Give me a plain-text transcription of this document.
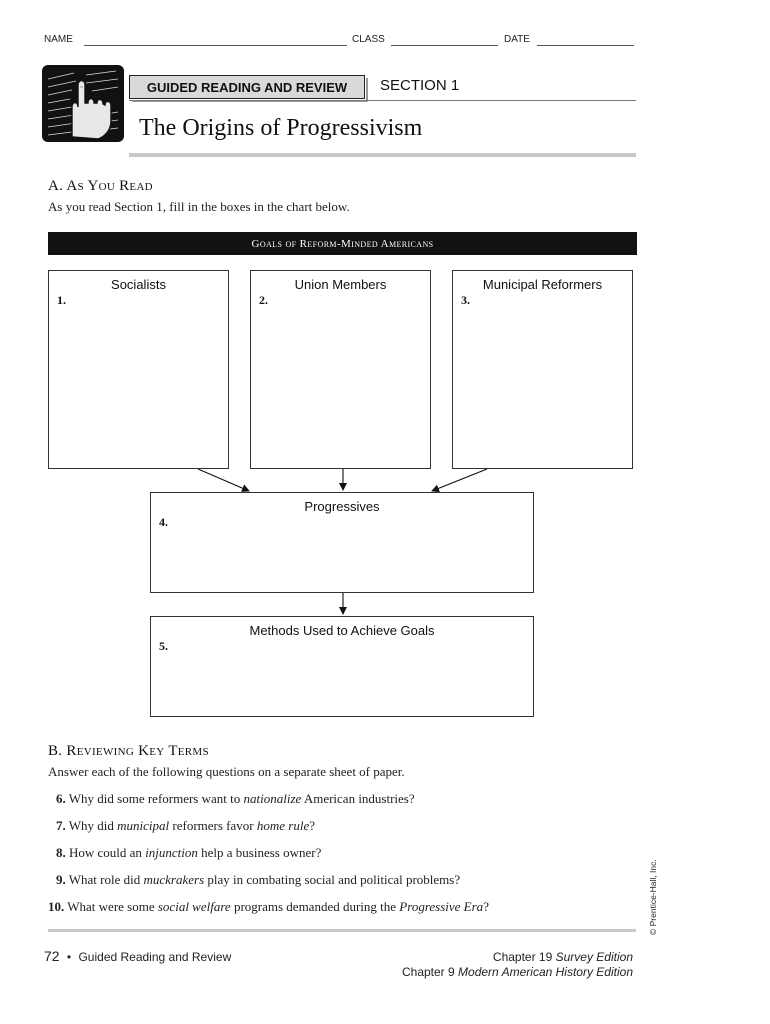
NAME	CLASS	DATE
GUIDED READING AND REVIEW SECTION 1
The Origins of Progressivism
A. As You Read
As you read Section 1, fill in the boxes in the chart below.
Goals of Reform-Minded Americans
Socialists
1.
Union Members
2.
Municipal Reformers
3.
Progressives
4.
Methods Used to Achieve Goals
5.
B. Reviewing Key Terms
Answer each of the following questions on a separate sheet of paper.
6. Why did some reformers want to nationalize American industries?
7. Why did municipal reformers favor home rule?
8. How could an injunction help a business owner?
9. What role did muckrakers play in combating social and political problems?
10. What were some social welfare programs demanded during the Progressive Era?	© Prentice-Hall, Inc.
72 • Guided Reading and Review	Chapter 19 Survey Edition
Chapter 9 Modern American History Edition
